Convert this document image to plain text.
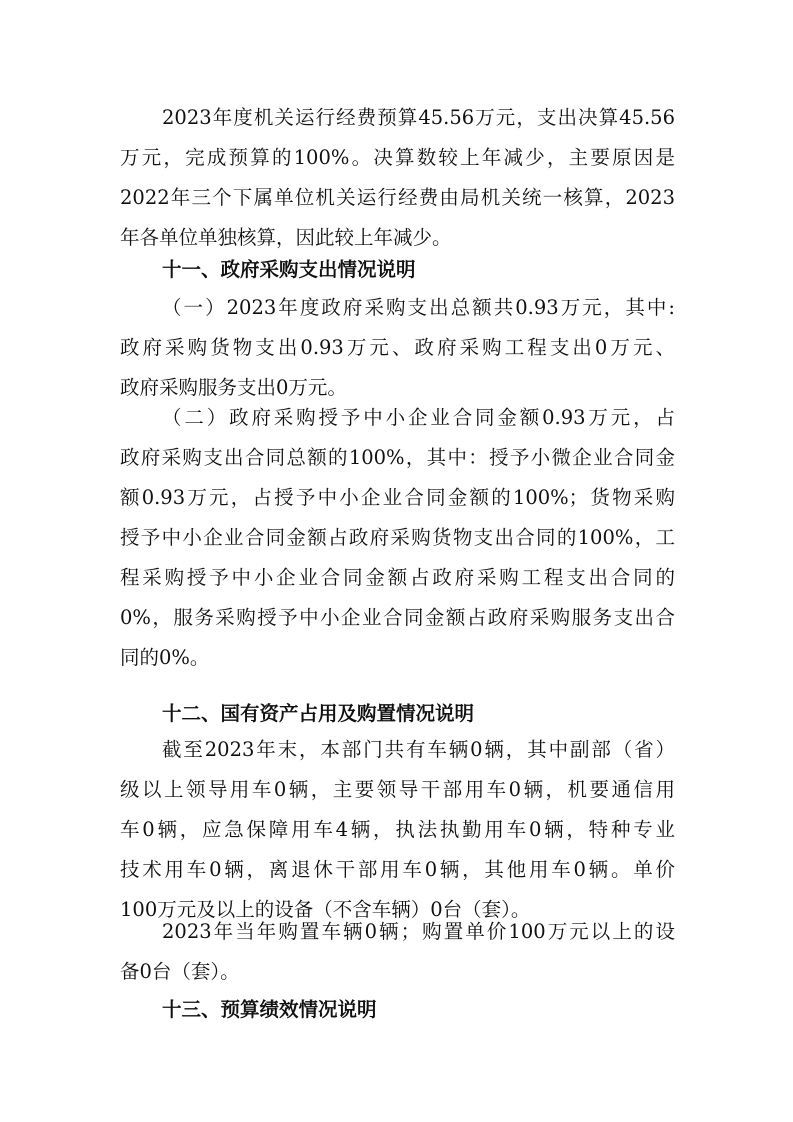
2023年度机关运行经费预算45.56万元，支出决算45.56
万元，完成预算的100%。决算数较上年减少，主要原因是
2022年三个下属单位机关运行经费由局机关统一核算，2023
年各单位单独核算，因此较上年减少。
十一、政府采购支出情况说明
（一）2023年度政府采购支出总额共0.93万元，其中:
政府采购货物支出0.93万元、政府采购工程支出0万元、
政府采购服务支出0万元。
（二）政府采购授予中小企业合同金额0.93万元，占
政府采购支出合同总额的100%，其中：授予小微企业合同金
额0.93万元，占授予中小企业合同金额的100%；货物采购
授予中小企业合同金额占政府采购货物支出合同的100%，工
程采购授予中小企业合同金额占政府采购工程支出合同的
0%，服务采购授予中小企业合同金额占政府采购服务支出合
同的0%。
十二、国有资产占用及购置情况说明
截至2023年末，本部门共有车辆0辆，其中副部（省）
级以上领导用车0辆，主要领导干部用车0辆，机要通信用
车0辆，应急保障用车4辆，执法执勤用车0辆，特种专业
技术用车0辆，离退休干部用车0辆，其他用车0辆。单价
100万元及以上的设备（不含车辆）0台（套）。
2023年当年购置车辆0辆；购置单价100万元以上的设
备0台（套）。
十三、预算绩效情况说明
